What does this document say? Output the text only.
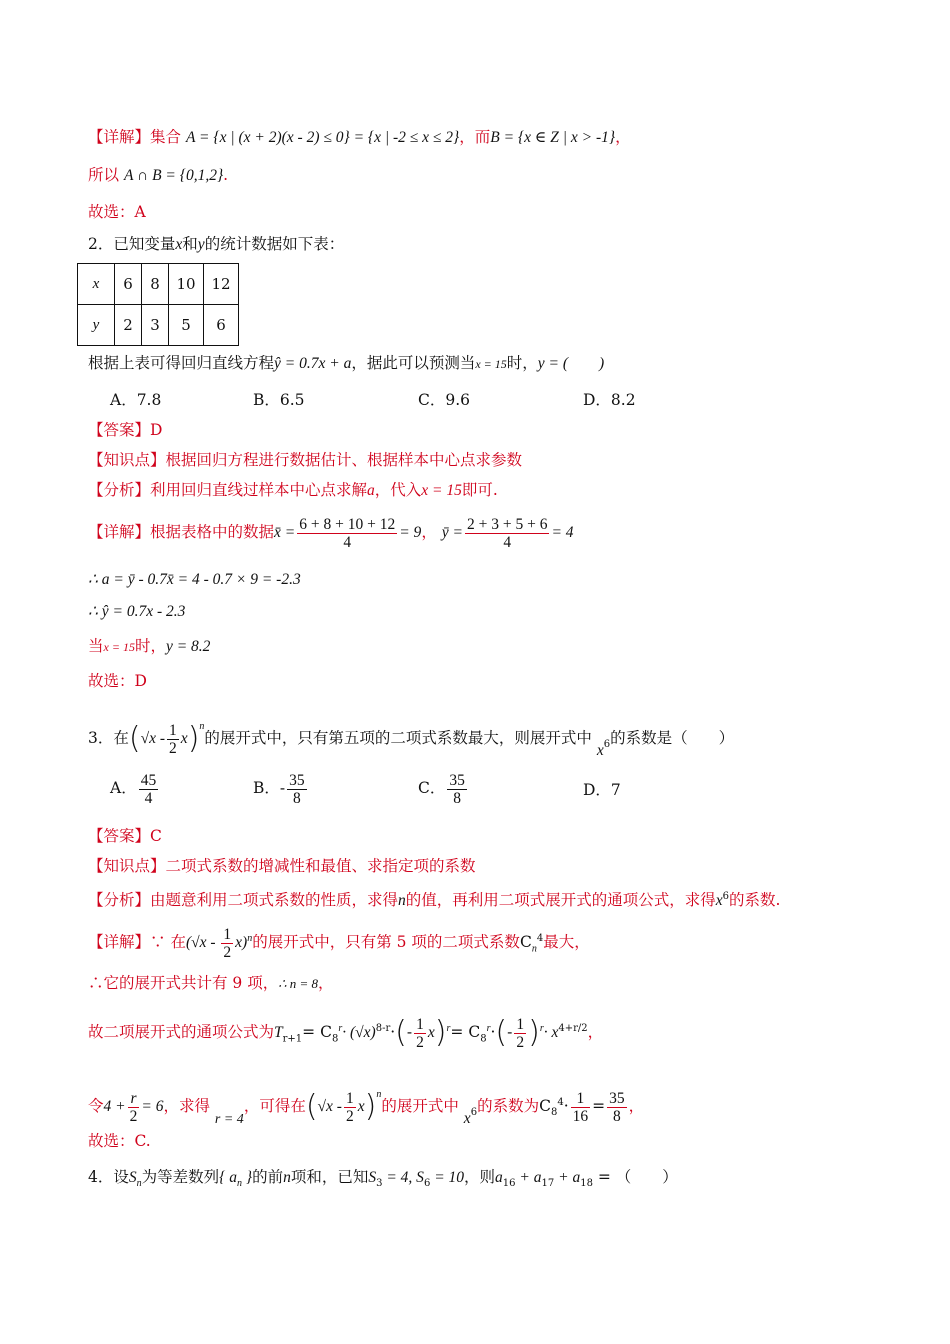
【详解】集合 A = {x | (x + 2)(x - 2) ≤ 0} = {x | -2 ≤ x ≤ 2}，而B = {x ∈ Z | x > -1}，
所以 A ∩ B = {0,1,2}.
故选：A
2．已知变量x和y的统计数据如下表：
x	6	8	10	12
y	2	3	5	6
根据上表可得回归直线方程ŷ = 0.7x + a，据此可以预测当x = 15时，y = (　　)
A．7.8	B．6.5	C．9.6	D．8.2
【答案】D
【知识点】根据回归方程进行数据估计、根据样本中心点求参数
【分析】利用回归直线过样本中心点求解a，代入x = 15即可.
【详解】根据表格中的数据x̄ = $\frac{6 + 8 + 10 + 12}{4} = 9$， ȳ = $\frac{2 + 3 + 5 + 6}{4} = 4$
∴ a = ȳ - 0.7x̄ = 4 - 0.7 × 9 = -2.3
∴ ŷ = 0.7x - 2.3
当x = 15时，y = 8.2
故选：D
3．在$(√x - \frac{1}{2} x)^n$的展开式中，只有第五项的二项式系数最大，则展开式中 $x^6$的系数是（　　）
A． $\frac{45}{4}$	B．- $\frac{35}{8}$	C． $\frac{35}{8}$	D．7
【答案】C
【知识点】二项式系数的增减性和最值、求指定项的系数
【分析】由题意利用二项式系数的性质，求得n的值，再利用二项式展开式的通项公式，求得$x^6$的系数.
【详解】∵ 在$(√x - \frac{1}{2} x)^n$的展开式中，只有第 5 项的二项式系数$C_n^4$最大，
∴它的展开式共计有 9 项，∴ n = 8，
故二项展开式的通项公式为$T_{r+1}= C_8^r\cdot (√x)^{8-r}\cdot(- \frac{1}{2} x)^r= C_8^r\cdot(- \frac{1}{2} )^r\cdot x^{4+r/2}$，
令$4 + \frac{r}{2} = 6$，求得 r = 4，可得在$(√x - \frac{1}{2} x)^n$的展开式中 $x^6$的系数为$C_8^4\cdot \frac{1}{16} = \frac{35}{8}$ ，
故选：C.
4．设$S_n$为等差数列{ $a_n$ }的前n项和，已知$S_3 = 4$, $S_6 = 10$，则$a_{16} + a_{17} + a_{18}$ = （　　）
